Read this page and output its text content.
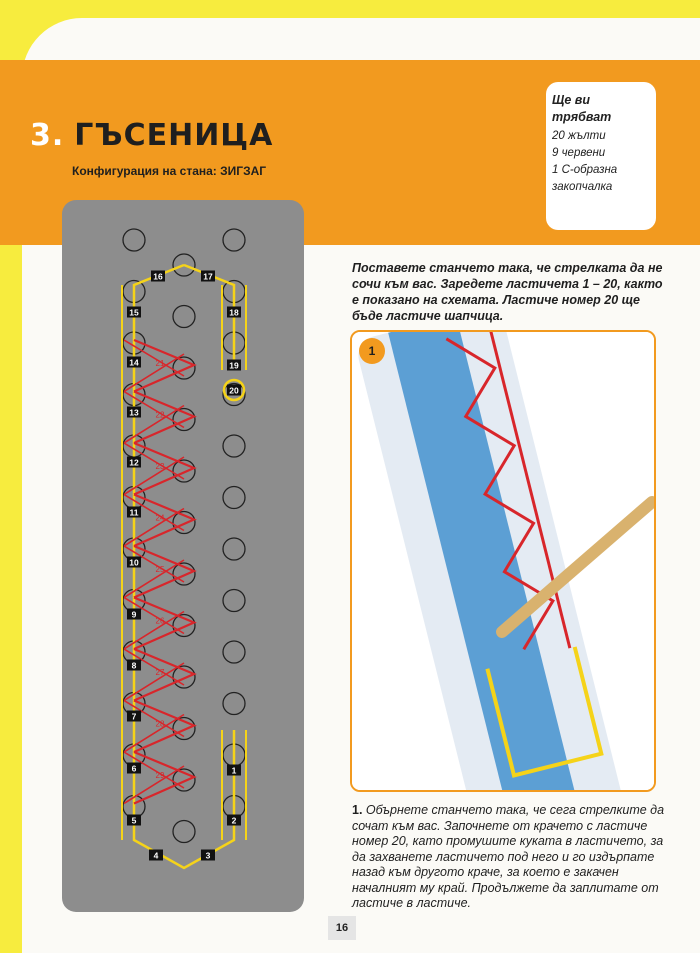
3. ГЪСЕНИЦА
Конфигурация на стана: ЗИГЗАГ
Ще ви трябват
20 жълти
9 червени
1 С-образна закопчалка
1
2
3
4
5
6
7
8
9
10
11
12
13
14
15
16	17
18
19
20
21
22
23
24
25
26
27
28
29
Поставете станчето така, че стрелката да не сочи към вас. Заредете ластичета 1 – 20, както е показано на схемата. Ластиче номер 20 ще бъде ластиче шапчица.
1
1. Обърнете станчето така, че сега стрелките да сочат към вас. Започнете от крачето с ластиче номер 20, като промушите куката в ластичето, за да захванете ластичето под него и го издърпате назад към другото краче, за което е закачен началният му край. Продължете да заплитате от ластиче в ластиче.
16
